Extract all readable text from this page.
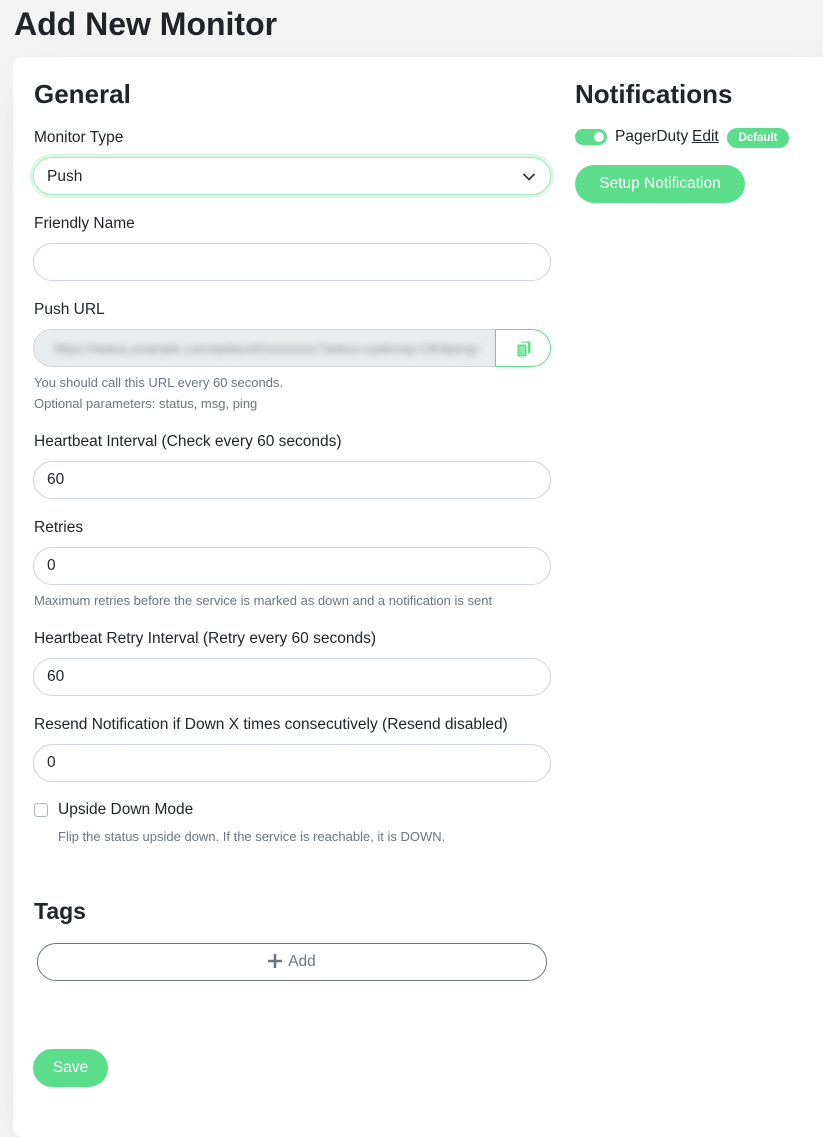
Add New Monitor
General
Monitor Type
Push
Friendly Name
Push URL
https://status.example.com/api/push/xxxxxxxx?status=up&msg=OK&ping=
You should call this URL every 60 seconds.
Optional parameters: status, msg, ping
Heartbeat Interval (Check every 60 seconds)
60
Retries
0
Maximum retries before the service is marked as down and a notification is sent
Heartbeat Retry Interval (Retry every 60 seconds)
60
Resend Notification if Down X times consecutively (Resend disabled)
0
Upside Down Mode
Flip the status upside down. If the service is reachable, it is DOWN.
Tags
Add
Save
Notifications
PagerDuty Edit	Default
Setup Notification
